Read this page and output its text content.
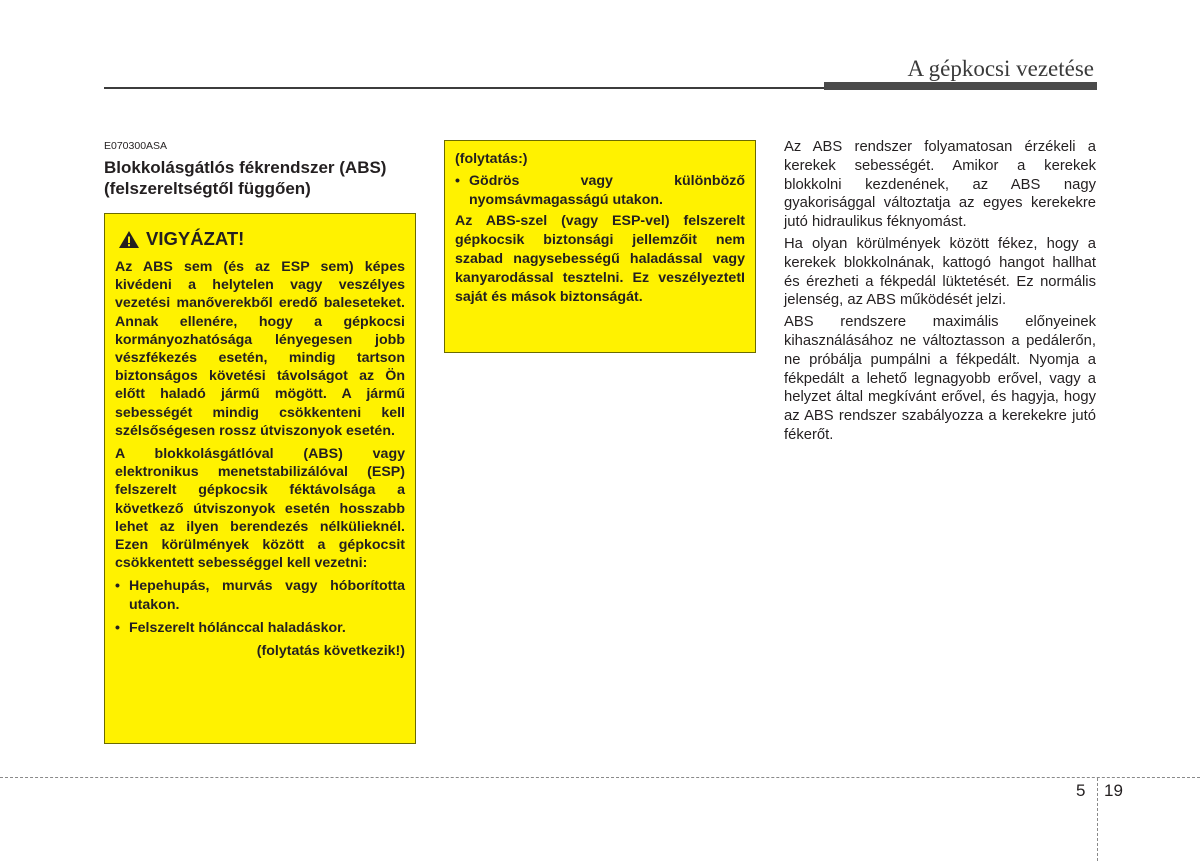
A gépkocsi vezetése
E070300ASA
Blokkolásgátlós fékrendszer (ABS) (felszereltségtől függően)
VIGYÁZAT!
Az ABS sem (és az ESP sem) képes kivédeni a helytelen vagy veszélyes vezetési manőverekből eredő baleseteket. Annak ellenére, hogy a gépkocsi kormányozhatósága lényegesen jobb vészfékezés esetén, mindig tartson biztonságos követési távolságot az Ön előtt haladó jármű mögött. A jármű sebességét mindig csökkenteni kell szélsőségesen rossz útviszonyok esetén.
A blokkolásgátlóval (ABS) vagy elektronikus menetstabilizálóval (ESP) felszerelt gépkocsik féktávolsága a következő útviszonyok esetén hosszabb lehet az ilyen berendezés nélkülieknél. Ezen körülmények között a gépkocsit csökkentett sebességgel kell vezetni:
• Hepehupás, murvás vagy hóborította utakon.
• Felszerelt hólánccal haladáskor.
(folytatás következik!)
(folytatás:)
• Gödrös vagy különböző nyomsávmagasságú utakon.
Az ABS-szel (vagy ESP-vel) felszerelt gépkocsik biztonsági jellemzőit nem szabad nagysebességű haladással vagy kanyarodással tesztelni. Ez veszélyeztetI saját és mások biztonságát.
Az ABS rendszer folyamatosan érzékeli a kerekek sebességét. Amikor a kerekek blokkolni kezdenének, az ABS nagy gyakorisággal változtatja az egyes kerekekre jutó hidraulikus féknyomást.
Ha olyan körülmények között fékez, hogy a kerekek blokkolnának, kattogó hangot hallhat és érezheti a fékpedál lüktetését. Ez normális jelenség, az ABS működését jelzi.
ABS rendszere maximális előnyeinek kihasználásához ne változtasson a pedálerőn, ne próbálja pumpálni a fékpedált. Nyomja a fékpedált a lehető legnagyobb erővel, vagy a helyzet által megkívánt erővel, és hagyja, hogy az ABS rendszer szabályozza a kerekekre jutó fékerőt.
5 19
